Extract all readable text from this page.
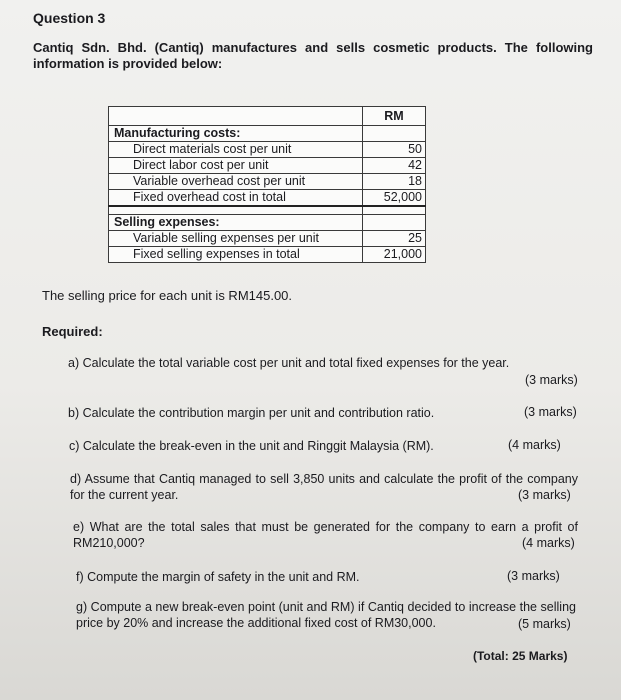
Question 3
Cantiq Sdn. Bhd. (Cantiq) manufactures and sells cosmetic products. The following information is provided below:
	RM
Manufacturing costs:	
Direct materials cost per unit	50
Direct labor cost per unit	42
Variable overhead cost per unit	18
Fixed overhead cost in total	52,000

Selling expenses:	
Variable selling expenses per unit	25
Fixed selling expenses in total	21,000
The selling price for each unit is RM145.00.
Required:
a) Calculate the total variable cost per unit and total fixed expenses for the year.
(3 marks)
b) Calculate the contribution margin per unit and contribution ratio.	(3 marks)
c) Calculate the break-even in the unit and Ringgit Malaysia (RM).	(4 marks)
d) Assume that Cantiq managed to sell 3,850 units and calculate the profit of the company for the current year.	(3 marks)
e) What are the total sales that must be generated for the company to earn a profit of RM210,000?	(4 marks)
f) Compute the margin of safety in the unit and RM.	(3 marks)
g) Compute a new break-even point (unit and RM) if Cantiq decided to increase the selling price by 20% and increase the additional fixed cost of RM30,000.	(5 marks)
(Total: 25 Marks)
